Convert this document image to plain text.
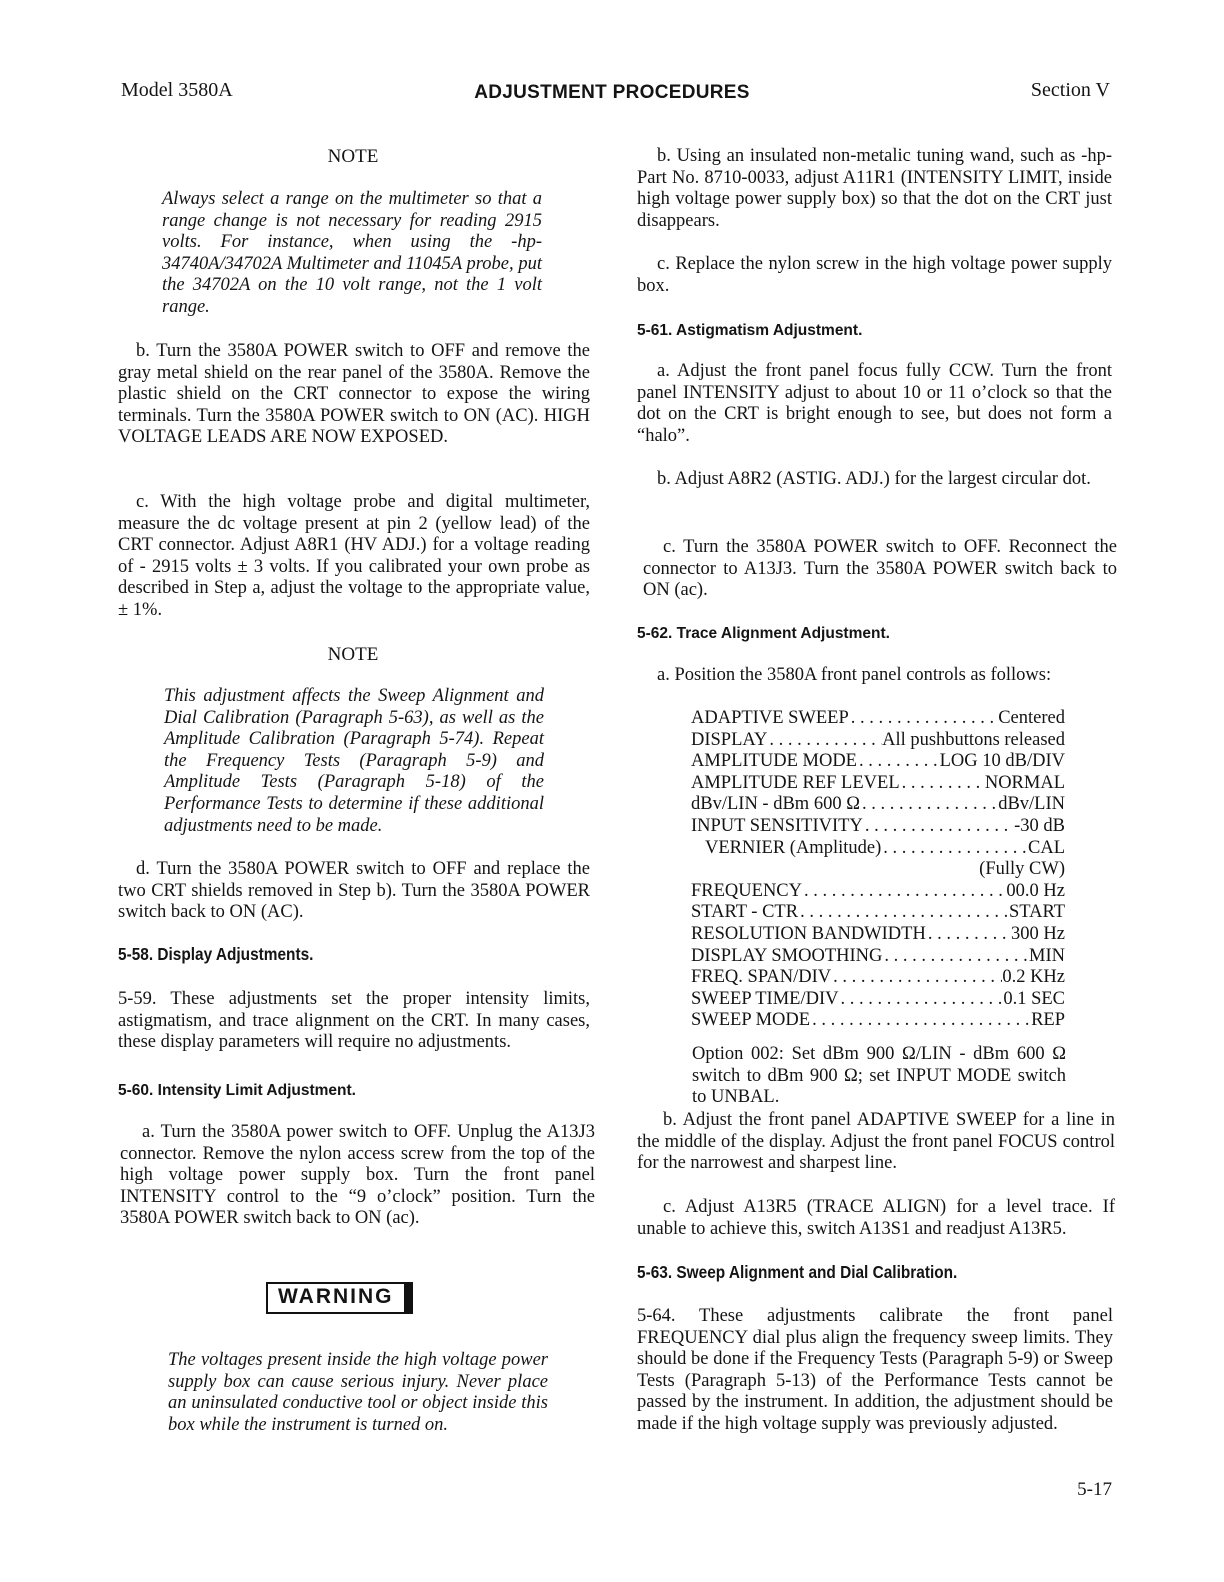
Model 3580A	ADJUSTMENT PROCEDURES	Section V
NOTE

Always select a range on the multimeter so that a range change is not necessary for reading 2915 volts. For instance, when using the -hp- 34740A/34702A Multimeter and 11045A probe, put the 34702A on the 10 volt range, not the 1 volt range.

b. Turn the 3580A POWER switch to OFF and remove the gray metal shield on the rear panel of the 3580A. Remove the plastic shield on the CRT connector to expose the wiring terminals. Turn the 3580A POWER switch to ON (AC). HIGH VOLTAGE LEADS ARE NOW EXPOSED.

c. With the high voltage probe and digital multimeter, measure the dc voltage present at pin 2 (yellow lead) of the CRT connector. Adjust A8R1 (HV ADJ.) for a voltage reading of - 2915 volts ± 3 volts. If you calibrated your own probe as described in Step a, adjust the voltage to the appropriate value, ± 1%.

NOTE

This adjustment affects the Sweep Alignment and Dial Calibration (Paragraph 5-63), as well as the Amplitude Calibration (Paragraph 5-74). Repeat the Frequency Tests (Paragraph 5-9) and Amplitude Tests (Paragraph 5-18) of the Performance Tests to determine if these additional adjustments need to be made.

d. Turn the 3580A POWER switch to OFF and replace the two CRT shields removed in Step b). Turn the 3580A POWER switch back to ON (AC).

5-58. Display Adjustments.

5-59. These adjustments set the proper intensity limits, astigmatism, and trace alignment on the CRT. In many cases, these display parameters will require no adjustments.

5-60. Intensity Limit Adjustment.

a. Turn the 3580A power switch to OFF. Unplug the A13J3 connector. Remove the nylon access screw from the top of the high voltage power supply box. Turn the front panel INTENSITY control to the “9 o’clock” position. Turn the 3580A POWER switch back to ON (ac).

WARNING

The voltages present inside the high voltage power supply box can cause serious injury. Never place an uninsulated conductive tool or object inside this box while the instrument is turned on.

b. Using an insulated non-metalic tuning wand, such as -hp- Part No. 8710-0033, adjust A11R1 (INTENSITY LIMIT, inside high voltage power supply box) so that the dot on the CRT just disappears.

c. Replace the nylon screw in the high voltage power supply box.

5-61. Astigmatism Adjustment.

a. Adjust the front panel focus fully CCW. Turn the front panel INTENSITY adjust to about 10 or 11 o’clock so that the dot on the CRT is bright enough to see, but does not form a “halo”.

b. Adjust A8R2 (ASTIG. ADJ.) for the largest circular dot.

c. Turn the 3580A POWER switch to OFF. Reconnect the connector to A13J3. Turn the 3580A POWER switch back to ON (ac).

5-62. Trace Alignment Adjustment.

a. Position the 3580A front panel controls as follows:

ADAPTIVE SWEEP . . .	Centered
DISPLAY . . .	All pushbuttons released
AMPLITUDE MODE . . .	LOG 10 dB/DIV
AMPLITUDE REF LEVEL . . .	NORMAL
dBv/LIN - dBm 600 Ω . . .	dBv/LIN
INPUT SENSITIVITY . . .	-30 dB
VERNIER (Amplitude) . . .	CAL
(Fully CW)
FREQUENCY . . .	00.0 Hz
START - CTR . . .	START
RESOLUTION BANDWIDTH . . .	300 Hz
DISPLAY SMOOTHING . . .	MIN
FREQ. SPAN/DIV . . .	0.2 KHz
SWEEP TIME/DIV . . .	0.1 SEC
SWEEP MODE . . .	REP

Option 002: Set dBm 900 Ω/LIN - dBm 600 Ω switch to dBm 900 Ω; set INPUT MODE switch to UNBAL.

b. Adjust the front panel ADAPTIVE SWEEP for a line in the middle of the display. Adjust the front panel FOCUS control for the narrowest and sharpest line.

c. Adjust A13R5 (TRACE ALIGN) for a level trace. If unable to achieve this, switch A13S1 and readjust A13R5.

5-63. Sweep Alignment and Dial Calibration.

5-64. These adjustments calibrate the front panel FREQUENCY dial plus align the frequency sweep limits. They should be done if the Frequency Tests (Paragraph 5-9) or Sweep Tests (Paragraph 5-13) of the Performance Tests cannot be passed by the instrument. In addition, the adjustment should be made if the high voltage supply was previously adjusted.

5-17
